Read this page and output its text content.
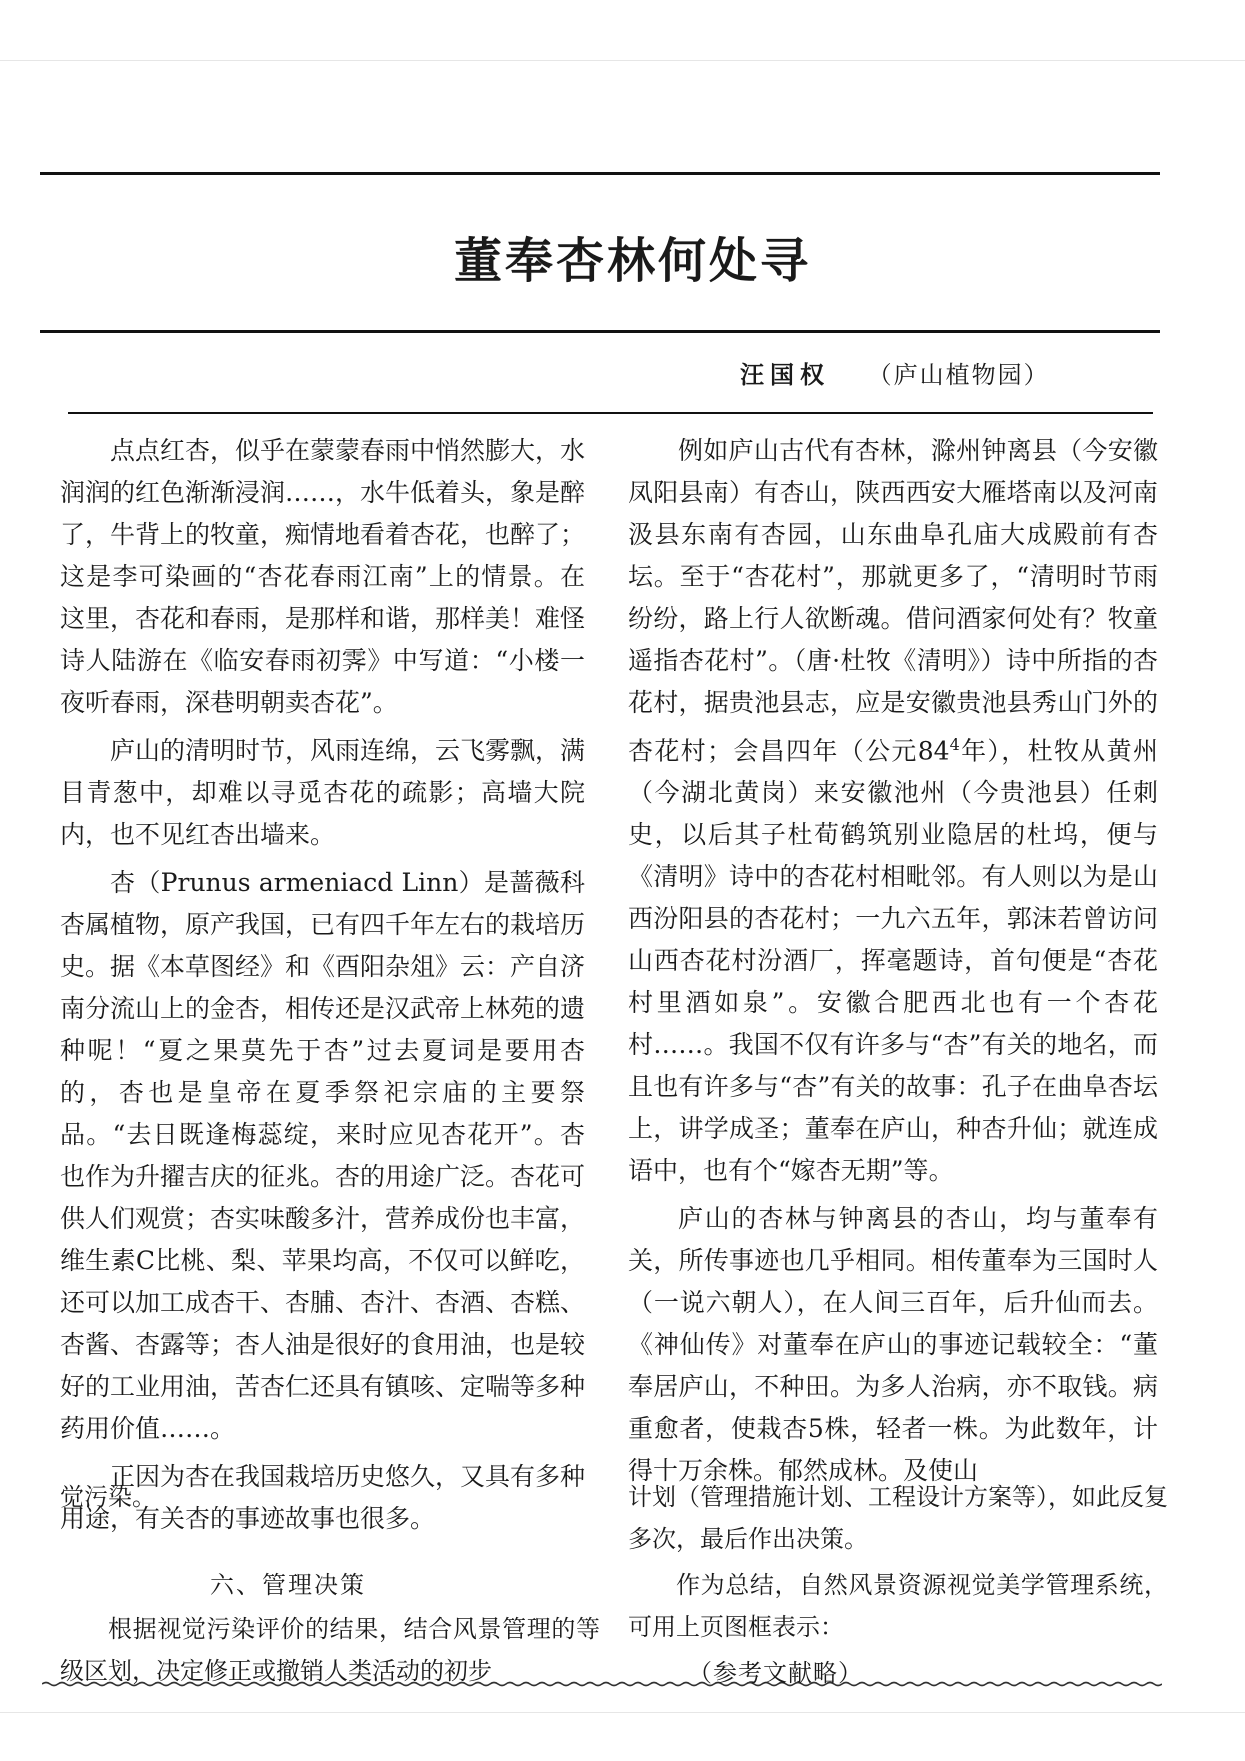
董奉杏林何处寻
汪国权 （庐山植物园）

点点红杏，似乎在蒙蒙春雨中悄然膨大，水润润的红色渐渐浸润……，水牛低着头，象是醉了，牛背上的牧童，痴情地看着杏花，也醉了；这是李可染画的“杏花春雨江南”上的情景。在这里，杏花和春雨，是那样和谐，那样美！难怪诗人陆游在《临安春雨初霁》中写道：“小楼一夜听春雨，深巷明朝卖杏花”。

庐山的清明时节，风雨连绵，云飞雾飘，满目青葱中，却难以寻觅杏花的疏影；高墙大院内，也不见红杏出墙来。

杏（Prunus armeniacd Linn）是蔷薇科杏属植物，原产我国，已有四千年左右的栽培历史。据《本草图经》和《酉阳杂俎》云：产自济南分流山上的金杏，相传还是汉武帝上林苑的遗种呢！“夏之果莫先于杏”过去夏词是要用杏的，杏也是皇帝在夏季祭祀宗庙的主要祭品。“去日既逢梅蕊绽，来时应见杏花开”。杏也作为升擢吉庆的征兆。杏的用途广泛。杏花可供人们观赏；杏实味酸多汁，营养成份也丰富，维生素C比桃、梨、苹果均高，不仅可以鲜吃，还可以加工成杏干、杏脯、杏汁、杏酒、杏糕、杏酱、杏露等；杏人油是很好的食用油，也是较好的工业用油，苦杏仁还具有镇咳、定喘等多种药用价值……。

正因为杏在我国栽培历史悠久，又具有多种用途，有关杏的事迹故事也很多。

例如庐山古代有杏林，滁州钟离县（今安徽凤阳县南）有杏山，陕西西安大雁塔南以及河南汲县东南有杏园，山东曲阜孔庙大成殿前有杏坛。至于“杏花村”，那就更多了，“清明时节雨纷纷，路上行人欲断魂。借问酒家何处有？牧童遥指杏花村”。（唐·杜牧《清明》）诗中所指的杏花村，据贵池县志，应是安徽贵池县秀山门外的杏花村；会昌四年（公元$84^4$年），杜牧从黄州（今湖北黄岗）来安徽池州（今贵池县）任刺史，以后其子杜荀鹤筑别业隐居的杜坞，便与《清明》诗中的杏花村相毗邻。有人则以为是山西汾阳县的杏花村；一九六五年，郭沫若曾访问山西杏花村汾酒厂，挥毫题诗，首句便是“杏花村里酒如泉”。安徽合肥西北也有一个杏花村……。我国不仅有许多与“杏”有关的地名，而且也有许多与“杏”有关的故事：孔子在曲阜杏坛上，讲学成圣；董奉在庐山，种杏升仙；就连成语中，也有个“嫁杏无期”等。

庐山的杏林与钟离县的杏山，均与董奉有关，所传事迹也几乎相同。相传董奉为三国时人（一说六朝人），在人间三百年，后升仙而去。《神仙传》对董奉在庐山的事迹记载较全：“董奉居庐山，不种田。为多人治病，亦不取钱。病重愈者，使栽杏5株，轻者一株。为此数年，计得十万余株。郁然成林。及使山

觉污染。

六、管理决策

根据视觉污染评价的结果，结合风景管理的等级区划，决定修正或撤销人类活动的初步

计划（管理措施计划、工程设计方案等），如此反复多次，最后作出决策。

作为总结，自然风景资源视觉美学管理系统，可用上页图框表示：

（参考文献略）
